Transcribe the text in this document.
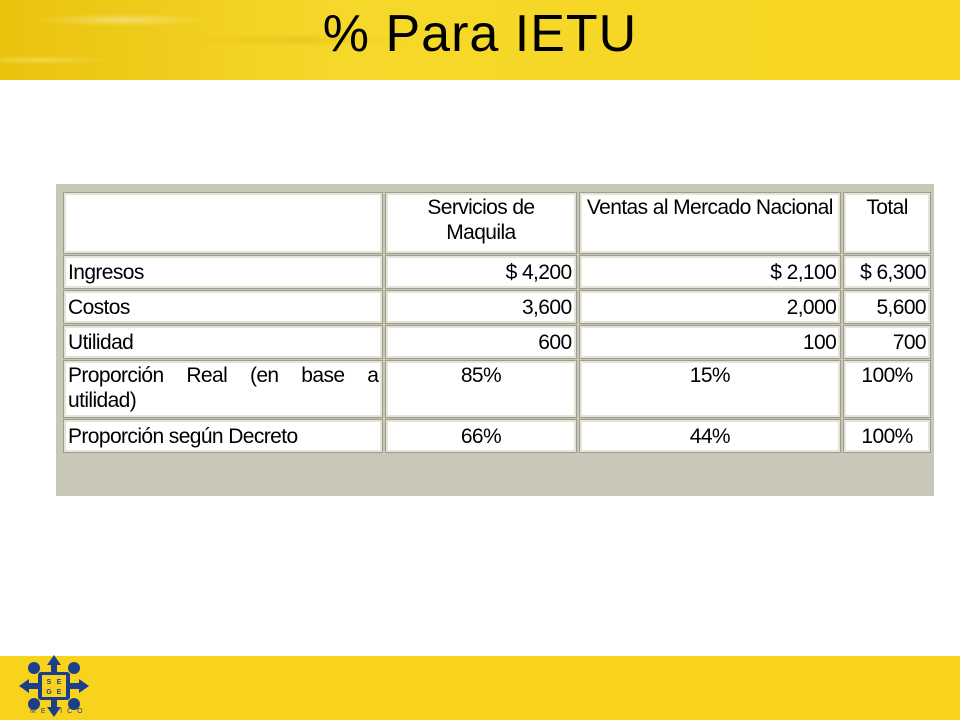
% Para IETU
	Servicios de Maquila	Ventas al Mercado Nacional	Total
Ingresos	$ 4,200	$ 2,100	$ 6,300
Costos	3,600	2,000	5,600
Utilidad	600	100	700
Proporción Real (en base a utilidad)	85%	15%	100%
Proporción según Decreto	66%	44%	100%
S E
G E
MEXICO
